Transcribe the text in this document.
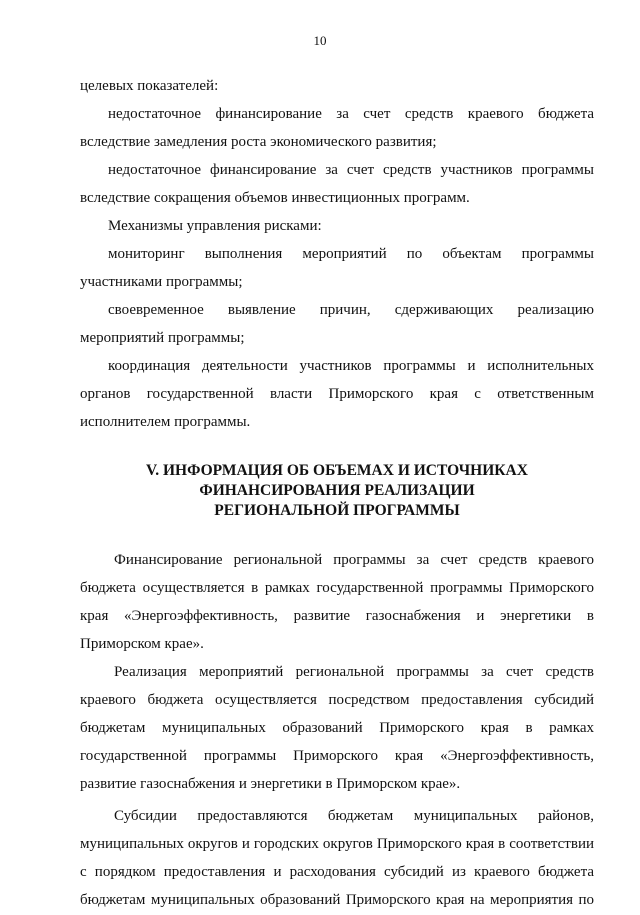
10
целевых показателей:
недостаточное финансирование за счет средств краевого бюджета
вследствие замедления роста экономического развития;
недостаточное финансирование за счет средств участников программы
вследствие сокращения объемов инвестиционных программ.
Механизмы управления рисками:
мониторинг выполнения мероприятий по объектам программы
участниками программы;
своевременное выявление причин, сдерживающих реализацию
мероприятий программы;
координация деятельности участников программы и исполнительных
органов государственной власти Приморского края с ответственным
исполнителем программы.
V. ИНФОРМАЦИЯ ОБ ОБЪЕМАХ И ИСТОЧНИКАХ
ФИНАНСИРОВАНИЯ РЕАЛИЗАЦИИ
РЕГИОНАЛЬНОЙ ПРОГРАММЫ
Финансирование региональной программы за счет средств краевого
бюджета осуществляется в рамках государственной программы Приморского
края «Энергоэффективность, развитие газоснабжения и энергетики в
Приморском крае».
Реализация мероприятий региональной программы за счет средств
краевого бюджета осуществляется посредством предоставления субсидий
бюджетам муниципальных образований Приморского края в рамках
государственной программы Приморского края «Энергоэффективность,
развитие газоснабжения и энергетики в Приморском крае».
Субсидии предоставляются бюджетам муниципальных районов,
муниципальных округов и городских округов Приморского края в соответствии
с порядком предоставления и расходования субсидий из краевого бюджета
бюджетам муниципальных образований Приморского края на мероприятия по
